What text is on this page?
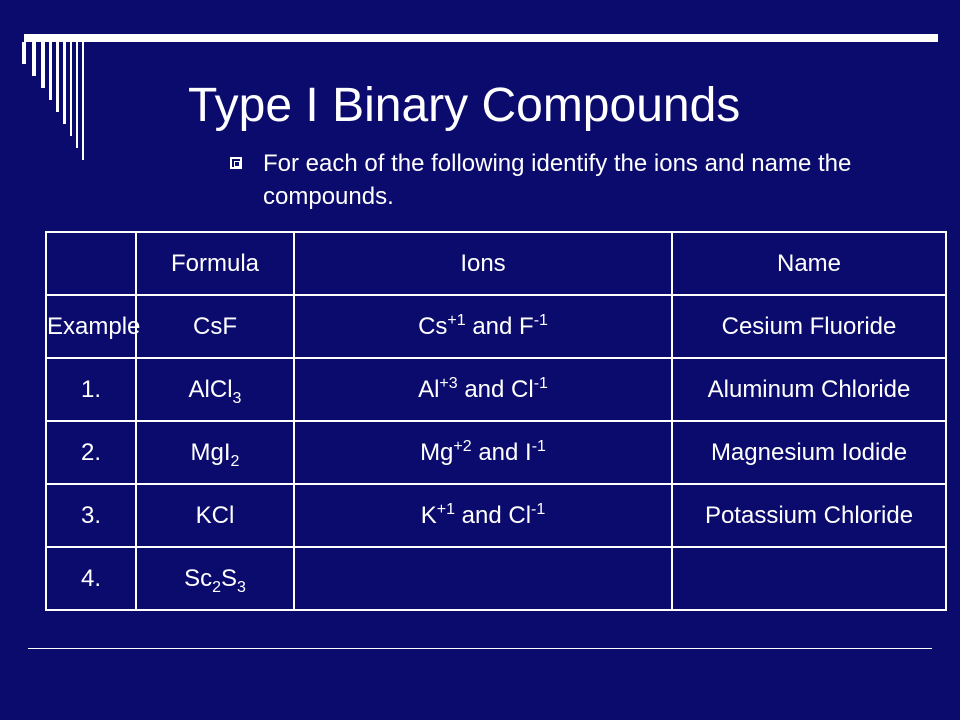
Type I Binary Compounds

For each of the following identify the ions and name the compounds.

	Formula	Ions	Name
Example	CsF	$Cs^{+1}$ and $F^{-1}$	Cesium Fluoride
1.	AlCl$_3$	$Al^{+3}$ and $Cl^{-1}$	Aluminum Chloride
2.	MgI$_2$	$Mg^{+2}$ and $I^{-1}$	Magnesium Iodide
3.	KCl	$K^{+1}$ and $Cl^{-1}$	Potassium Chloride
4.	$Sc_2S_3$		
